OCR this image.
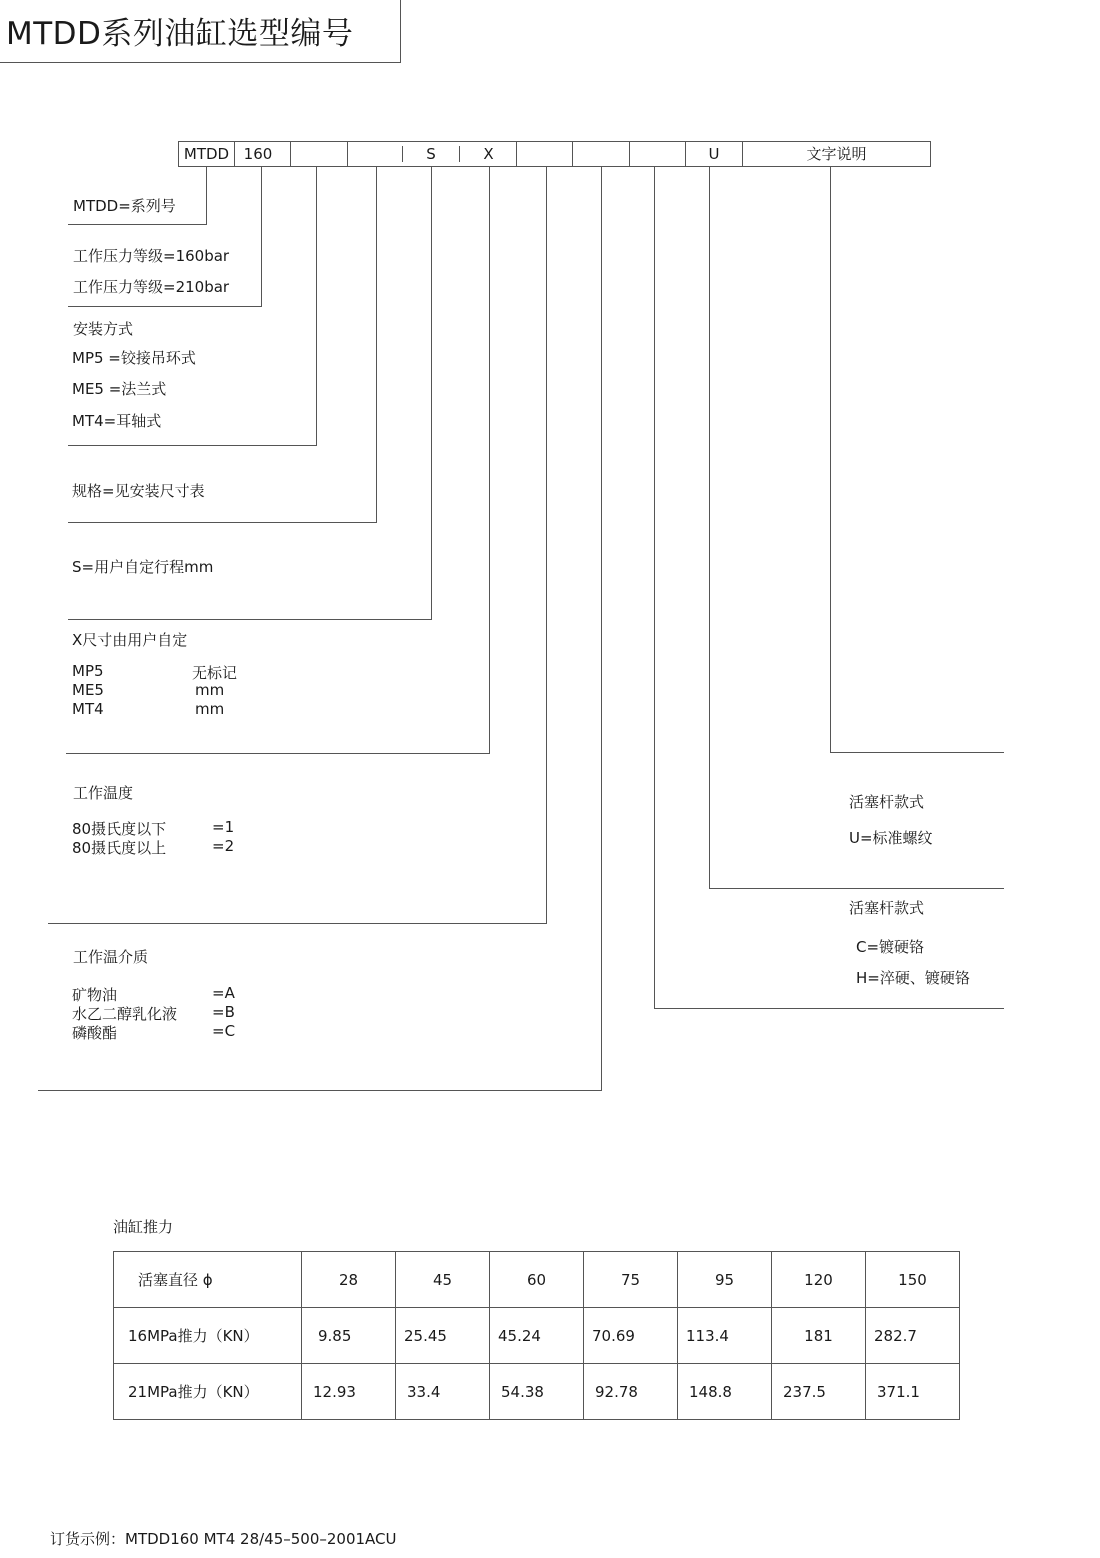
MTDD系列油缸选型编号
MTDD 160	S	X	U	文字说明
MTDD=系列号
工作压力等级=160bar
工作压力等级=210bar
安装方式
MP5 =铰接吊环式
ME5 =法兰式
MT4=耳轴式
规格=见安装尺寸表
S=用户自定行程mm
X尺寸由用户自定
MP5	无标记
ME5	mm
MT4	mm
工作温度
80摄氏度以下	=1
80摄氏度以上	=2
工作温介质
矿物油	=A
水乙二醇乳化液 =B
磷酸酯	=C
活塞杆款式
U=标准螺纹
活塞杆款式
C=镀硬铬
H=淬硬、镀硬铬
油缸推力
活塞直径 ϕ	28	45	60	75	95	120	150
16MPa推力（KN）	9.85	25.45	45.24	70.69	113.4	181	282.7
21MPa推力（KN）	12.93	33.4	54.38	92.78	148.8	237.5	371.1
订货示例：MTDD160 MT4 28/45–500–2001ACU
